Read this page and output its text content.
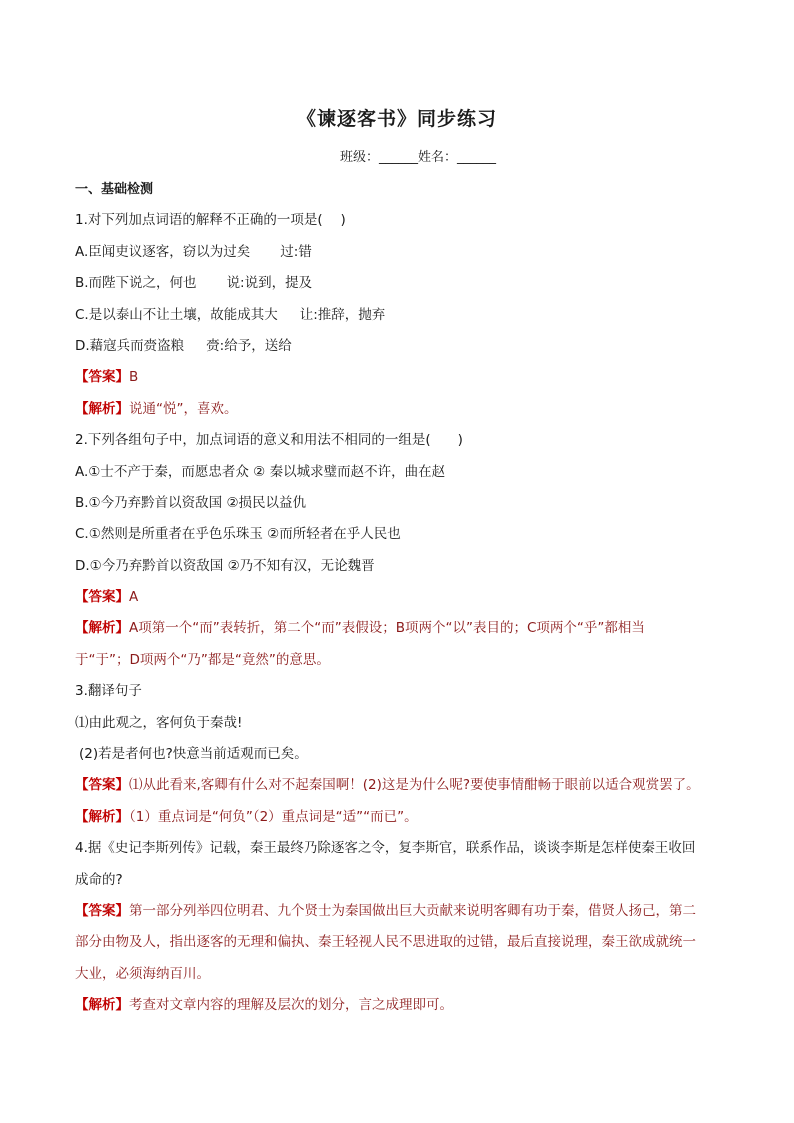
《谏逐客书》同步练习
班级：______姓名：______
一、基础检测
1.对下列加点词语的解释不正确的一项是(　 )
A.臣闻吏议逐客，窃以为过矣 过:错
B.而陛下说之，何也 说:说到，提及
C.是以泰山不让土壤，故能成其大 让:推辞，抛弃
D.藉寇兵而赍盗粮 赍:给予，送给
【答案】B
【解析】说通“悦”，喜欢。
2.下列各组句子中，加点词语的意义和用法不相同的一组是(　　)
A.①士不产于秦，而愿忠者众 ② 秦以城求璧而赵不许，曲在赵
B.①今乃弃黔首以资敌国 ②损民以益仇
C.①然则是所重者在乎色乐珠玉 ②而所轻者在乎人民也
D.①今乃弃黔首以资敌国 ②乃不知有汉，无论魏晋
【答案】A
【解析】A项第一个“而”表转折，第二个“而”表假设；B项两个“以”表目的；C项两个“乎”都相当
于“于”；D项两个“乃”都是“竟然”的意思。
3.翻译句子
⑴由此观之，客何负于秦哉!
(2)若是者何也?快意当前适观而已矣。
【答案】⑴从此看来,客卿有什么对不起秦国啊！(2)这是为什么呢?要使事情酣畅于眼前以适合观赏罢了。
【解析】（1）重点词是“何负”（2）重点词是“适”“而已”。
4.据《史记李斯列传》记载，秦王最终乃除逐客之令，复李斯官，联系作品，谈谈李斯是怎样使秦王收回
成命的?
【答案】第一部分列举四位明君、九个贤士为秦国做出巨大贡献来说明客卿有功于秦，借贤人扬己，第二
部分由物及人，指出逐客的无理和偏执、秦王轻视人民不思进取的过错，最后直接说理，秦王欲成就统一
大业，必须海纳百川。
【解析】考查对文章内容的理解及层次的划分，言之成理即可。
